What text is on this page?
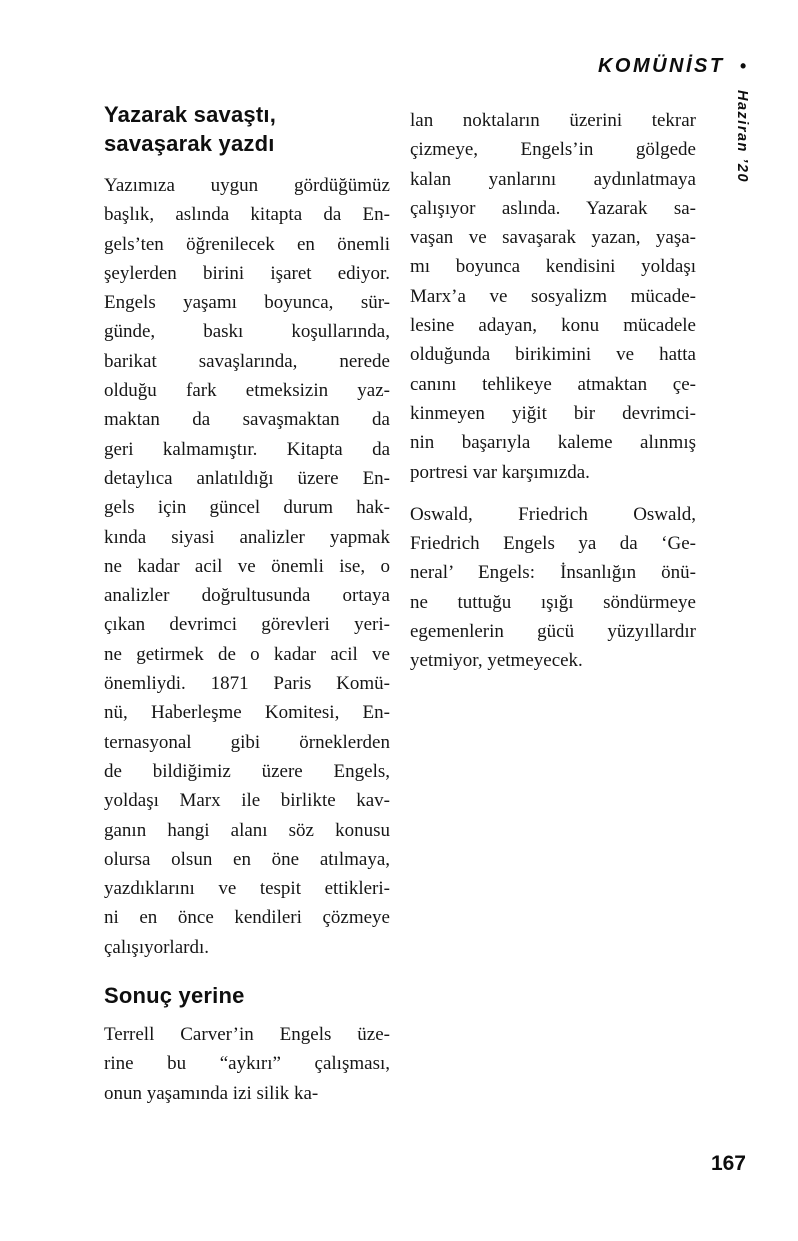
KOMÜNİST •
Haziran ’20
Yazarak savaştı,
savaşarak yazdı
Yazımıza uygun gördüğümüz
başlık, aslında kitapta da En-
gels’ten öğrenilecek en önemli
şeylerden birini işaret ediyor.
Engels yaşamı boyunca, sür-
günde, baskı koşullarında,
barikat savaşlarında, nerede
olduğu fark etmeksizin yaz-
maktan da savaşmaktan da
geri kalmamıştır. Kitapta da
detaylıca anlatıldığı üzere En-
gels için güncel durum hak-
kında siyasi analizler yapmak
ne kadar acil ve önemli ise, o
analizler doğrultusunda ortaya
çıkan devrimci görevleri yeri-
ne getirmek de o kadar acil ve
önemliydi. 1871 Paris Komü-
nü, Haberleşme Komitesi, En-
ternasyonal gibi örneklerden
de bildiğimiz üzere Engels,
yoldaşı Marx ile birlikte kav-
ganın hangi alanı söz konusu
olursa olsun en öne atılmaya,
yazdıklarını ve tespit ettikleri-
ni en önce kendileri çözmeye
çalışıyorlardı.
Sonuç yerine
Terrell Carver’in Engels üze-
rine bu “aykırı” çalışması,
onun yaşamında izi silik ka-
lan noktaların üzerini tekrar
çizmeye, Engels’in gölgede
kalan yanlarını aydınlatmaya
çalışıyor aslında. Yazarak sa-
vaşan ve savaşarak yazan, yaşa-
mı boyunca kendisini yoldaşı
Marx’a ve sosyalizm mücade-
lesine adayan, konu mücadele
olduğunda birikimini ve hatta
canını tehlikeye atmaktan çe-
kinmeyen yiğit bir devrimci-
nin başarıyla kaleme alınmış
portresi var karşımızda.
Oswald, Friedrich Oswald,
Friedrich Engels ya da ‘Ge-
neral’ Engels: İnsanlığın önü-
ne tuttuğu ışığı söndürmeye
egemenlerin gücü yüzyıllardır
yetmiyor, yetmeyecek.
167
